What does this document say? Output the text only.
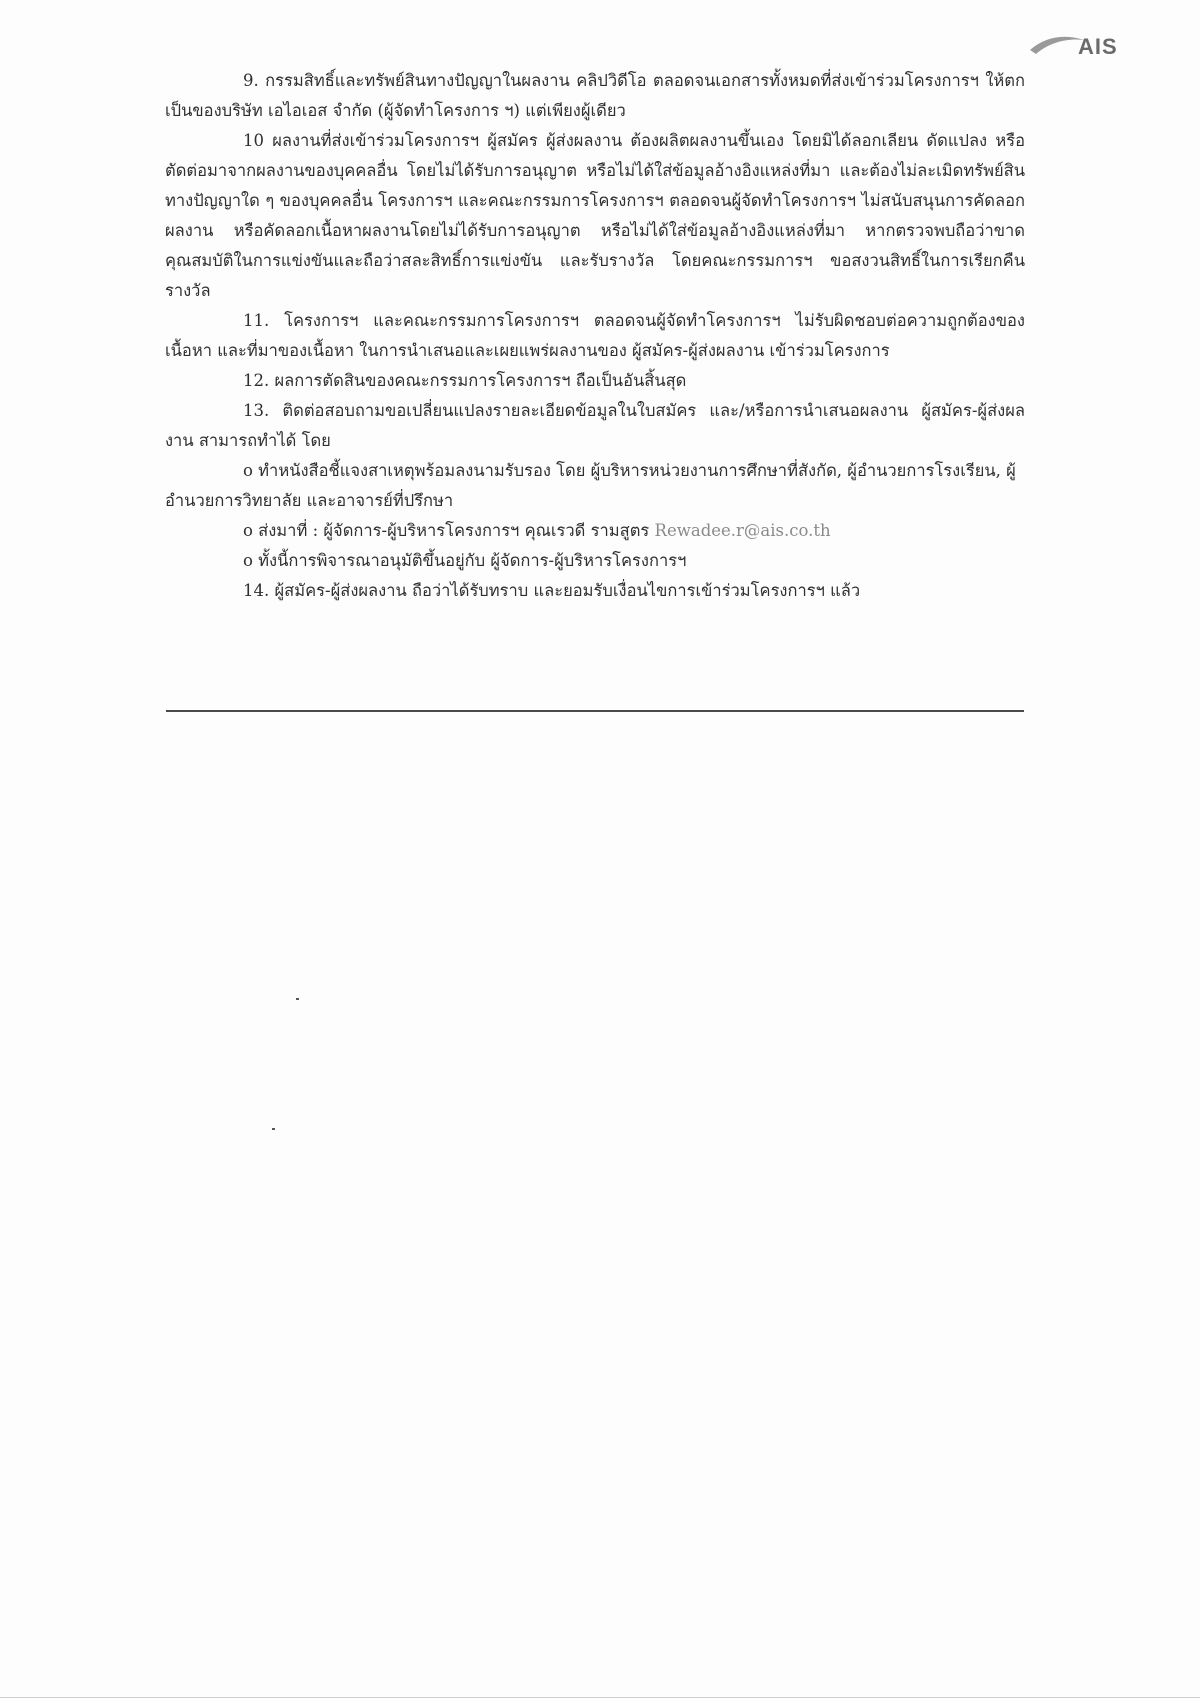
AIS

9. กรรมสิทธิ์และทรัพย์สินทางปัญญาในผลงาน คลิปวิดีโอ ตลอดจนเอกสารทั้งหมดที่ส่งเข้าร่วมโครงการฯ ให้ตกเป็นของบริษัท เอไอเอส จำกัด (ผู้จัดทำโครงการ ฯ) แต่เพียงผู้เดียว

10 ผลงานที่ส่งเข้าร่วมโครงการฯ ผู้สมัคร ผู้ส่งผลงาน ต้องผลิตผลงานขึ้นเอง โดยมิได้ลอกเลียน ดัดแปลง หรือ ตัดต่อมาจากผลงานของบุคคลอื่น โดยไม่ได้รับการอนุญาต หรือไม่ได้ใส่ข้อมูลอ้างอิงแหล่งที่มา และต้องไม่ละเมิดทรัพย์สินทางปัญญาใด ๆ ของบุคคลอื่น โครงการฯ และคณะกรรมการโครงการฯ ตลอดจนผู้จัดทำโครงการฯ ไม่สนับสนุนการคัดลอกผลงาน หรือคัดลอกเนื้อหาผลงานโดยไม่ได้รับการอนุญาต หรือไม่ได้ใส่ข้อมูลอ้างอิงแหล่งที่มา หากตรวจพบถือว่าขาดคุณสมบัติในการแข่งขันและถือว่าสละสิทธิ์การแข่งขัน และรับรางวัล โดยคณะกรรมการฯ ขอสงวนสิทธิ์ในการเรียกคืนรางวัล

11. โครงการฯ และคณะกรรมการโครงการฯ ตลอดจนผู้จัดทำโครงการฯ ไม่รับผิดชอบต่อความถูกต้องของเนื้อหา และที่มาของเนื้อหา ในการนำเสนอและเผยแพร่ผลงานของ ผู้สมัคร-ผู้ส่งผลงาน เข้าร่วมโครงการ

12. ผลการตัดสินของคณะกรรมการโครงการฯ ถือเป็นอันสิ้นสุด

13. ติดต่อสอบถามขอเปลี่ยนแปลงรายละเอียดข้อมูลในใบสมัคร และ/หรือการนำเสนอผลงาน ผู้สมัคร-ผู้ส่งผลงาน สามารถทำได้ โดย

o ทำหนังสือชี้แจงสาเหตุพร้อมลงนามรับรอง โดย ผู้บริหารหน่วยงานการศึกษาที่สังกัด, ผู้อำนวยการโรงเรียน, ผู้อำนวยการวิทยาลัย และอาจารย์ที่ปรึกษา

o ส่งมาที่ : ผู้จัดการ-ผู้บริหารโครงการฯ คุณเรวดี รามสูตร Rewadee.r@ais.co.th

o ทั้งนี้การพิจารณาอนุมัติขึ้นอยู่กับ ผู้จัดการ-ผู้บริหารโครงการฯ

14. ผู้สมัคร-ผู้ส่งผลงาน ถือว่าได้รับทราบ และยอมรับเงื่อนไขการเข้าร่วมโครงการฯ แล้ว
